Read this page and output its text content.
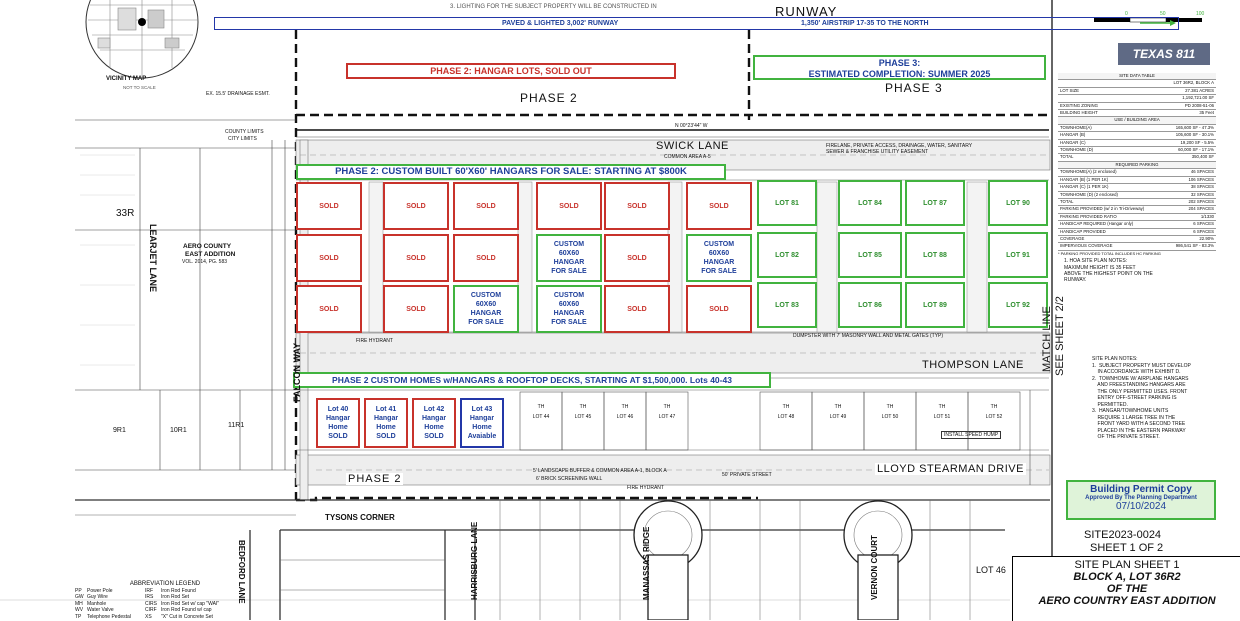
VICINITY MAP
NOT TO SCALE
3. LIGHTING FOR THE SUBJECT PROPERTY WILL BE CONSTRUCTED IN	RUNWAY
PAVED & LIGHTED 3,002' RUNWAY	1,350' AIRSTRIP 17-35 TO THE NORTH
0	50	100
TEXAS 811
PHASE 2: HANGAR LOTS, SOLD OUT
PHASE 3:
ESTIMATED COMPLETION: SUMMER 2025
PHASE 2: CUSTOM BUILT 60'X60' HANGARS FOR SALE: STARTING AT $800K
PHASE 2 CUSTOM HOMES w/HANGARS & ROOFTOP DECKS, STARTING AT $1,500,000. Lots 40-43
PHASE 2
PHASE 3
PHASE 2
N 00°23'44" W
COUNTY LIMITS
CITY LIMITS
SWICK LANE
COMMON AREA A-5
THOMPSON LANE
LLOYD STEARMAN DRIVE
LEARJET LANE
FALCON WAY
TYSONS CORNER
BEDFORD LANE	HARRISBURG LANE	MANASSAS RIDGE	VERNON COURT
33R
AERO COUNTY
EAST ADDITION
VOL. 2014, PG. 583
9R1	10R1
11R1
LOT 46
EX. 15.5' DRAINAGE ESMT.
FIRE HYDRANT
FIRE HYDRANT
DUMPSTER WITH 7' MASONRY WALL AND METAL GATES (TYP)
FIRELANE, PRIVATE ACCESS, DRAINAGE, WATER, SANITARY SEWER & FRANCHISE UTILITY EASEMENT
6' BRICK SCREENING WALL
5' LANDSCAPE BUFFER & COMMON AREA A-1, BLOCK A
INSTALL SPEED HUMP
50' PRIVATE STREET
SOLD	SOLD	SOLD	SOLD	SOLD	SOLD
SOLD	SOLD	SOLD
CUSTOM
60X60
HANGAR
FOR SALE
SOLD
CUSTOM
60X60
HANGAR
FOR SALE
SOLD	SOLD
CUSTOM
60X60
HANGAR
FOR SALE
CUSTOM
60X60
HANGAR
FOR SALE
SOLD	SOLD
LOT 81	LOT 84	LOT 87	LOT 90
LOT 82	LOT 85	LOT 88	LOT 91
LOT 83	LOT 86	LOT 89	LOT 92
Lot 40
Hangar
Home
SOLD
Lot 41
Hangar
Home
SOLD
Lot 42
Hangar
Home
SOLD
Lot 43
Hangar
Home
Avaiable
TH
LOT 44
TH
LOT 45
TH
LOT 46
TH
LOT 47
TH
LOT 48
TH
LOT 49
TH
LOT 50
TH
LOT 51
TH
LOT 52
SITE DATA TABLE
LOT 36R2, BLOCK A
LOT SIZE	27.381 ACRES
1,192,721.00 SF
EXISTING ZONING	PD 2008-51-06
BUILDING HEIGHT	35 Feet
USE / BUILDING AREA
TOWNHOME(A)	165,600 SF - 47.3%
HANGAR (B)	105,600 SF - 30.1%
HANGAR (C)	19,200 SF - 5.5%
TOWNHOME (D)	60,000 SF - 17.1%
TOTAL	350,400 SF
REQUIRED PARKING
TOWNHOME(A) (2 enclosed)	46 SPACES
HANGAR (B) (1 PER 1K)	106 SPACES
HANGAR (C) (1 PER 1K)	38 SPACES
TOWNHOME (D) (2 enclosed)	32 SPACES
TOTAL	202 SPACES
PARKING PROVIDED (w/ 2 in Tri-Driveway)	204 SPACES
PARKING PROVIDED RATIO	1/1330
HANDICAP REQUIRED (Hangar only)	6 SPACES
HANDICAP PROVIDED	6 SPACES
COVERAGE	22.90%
IMPERVIOUS COVERAGE	986,541 SF - 83.3%
* PARKING PROVIDED TOTAL INCLUDES HC PARKING
1. HOA SITE PLAN NOTES:
MAXIMUM HEIGHT IS 35 FEET
ABOVE THE HIGHEST POINT ON THE
RUNWAY.
SITE PLAN NOTES:
1.  SUBJECT PROPERTY MUST DEVELOP
IN ACCORDANCE WITH EXHIBIT D.
2.  TOWNHOME W/ AIRPLANE HANGARS
AND FREESTANDING HANGARS ARE
THE ONLY PERMITTED USES. FRONT
ENTRY OFF-STREET PARKING IS
PERMITTED.
3.  HANGAR/TOWNHOME UNITS
REQUIRE 1 LARGE TREE IN THE
FRONT YARD WITH A SECOND TREE
PLACED IN THE EASTERN PARKWAY
OF THE PRIVATE STREET.
MATCH LINE SEE SHEET 2/2
Building Permit Copy
Approved By The Planning Department
07/10/2024
SITE2023-0024
SHEET 1 OF 2
SITE PLAN SHEET 1
BLOCK A, LOT 36R2
OF THE
AERO COUNTRY EAST ADDITION
ABBREVIATION LEGEND
PP	Power Pole	IRF	Iron Rod Found
GW Guy Wire	IRS	Iron Rod Set
MH Manhole	CIRS Iron Rod Set w/ cap "WAI"
WV Water Valve	CIRF Iron Rod Found w/ cap
TP	Telephone Pedestal	XS	"X" Cut in Concrete Set
